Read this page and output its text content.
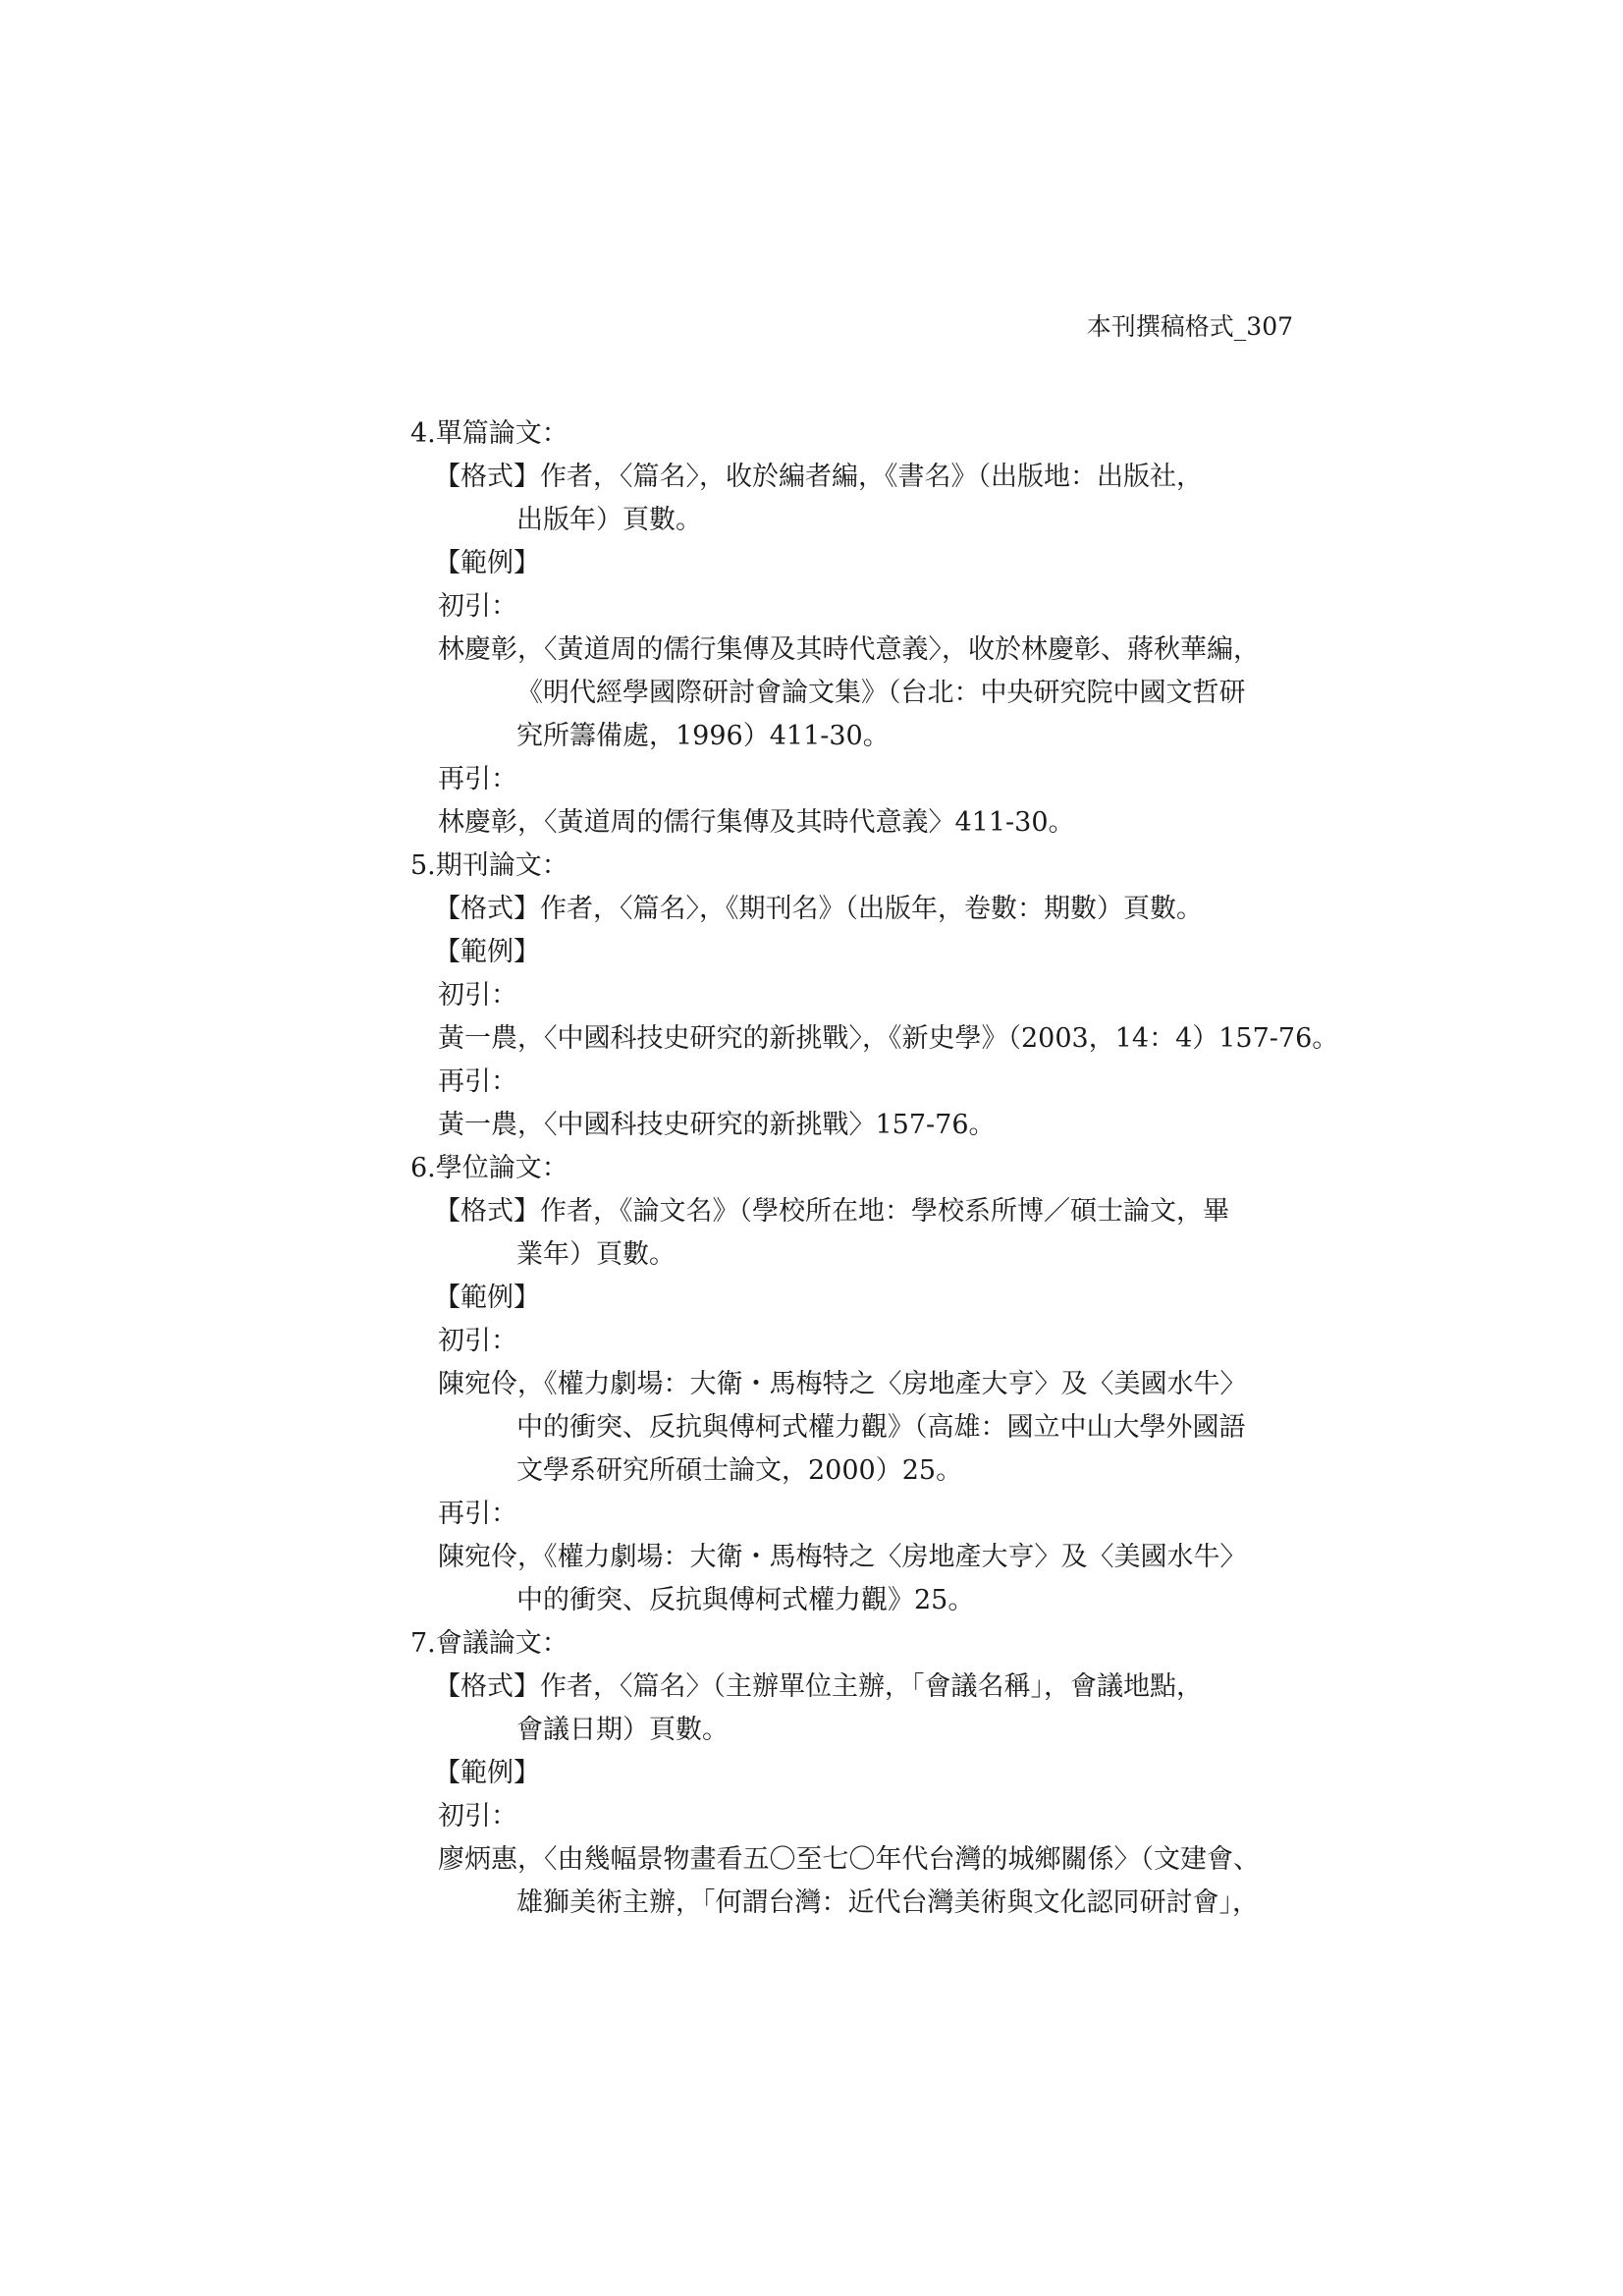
本刊撰稿格式_307
4.單篇論文：
【格式】作者，〈篇名〉，收於編者編，《書名》（出版地：出版社，
出版年）頁數。
【範例】
初引：
林慶彰，〈黃道周的儒行集傳及其時代意義〉，收於林慶彰、蔣秋華編，
《明代經學國際研討會論文集》（台北：中央研究院中國文哲研
究所籌備處，1996）411-30。
再引：
林慶彰，〈黃道周的儒行集傳及其時代意義〉411-30。
5.期刊論文：
【格式】作者，〈篇名〉，《期刊名》（出版年，卷數：期數）頁數。
【範例】
初引：
黃一農，〈中國科技史研究的新挑戰〉，《新史學》（2003，14：4）157-76。
再引：
黃一農，〈中國科技史研究的新挑戰〉157-76。
6.學位論文：
【格式】作者，《論文名》（學校所在地：學校系所博／碩士論文，畢
業年）頁數。
【範例】
初引：
陳宛伶，《權力劇場：大衛・馬梅特之〈房地產大亨〉及〈美國水牛〉
中的衝突、反抗與傅柯式權力觀》（高雄：國立中山大學外國語
文學系研究所碩士論文，2000）25。
再引：
陳宛伶，《權力劇場：大衛・馬梅特之〈房地產大亨〉及〈美國水牛〉
中的衝突、反抗與傅柯式權力觀》25。
7.會議論文：
【格式】作者，〈篇名〉（主辦單位主辦，「會議名稱」，會議地點，
會議日期）頁數。
【範例】
初引：
廖炳惠，〈由幾幅景物畫看五〇至七〇年代台灣的城鄉關係〉（文建會、
雄獅美術主辦，「何謂台灣：近代台灣美術與文化認同研討會」，
